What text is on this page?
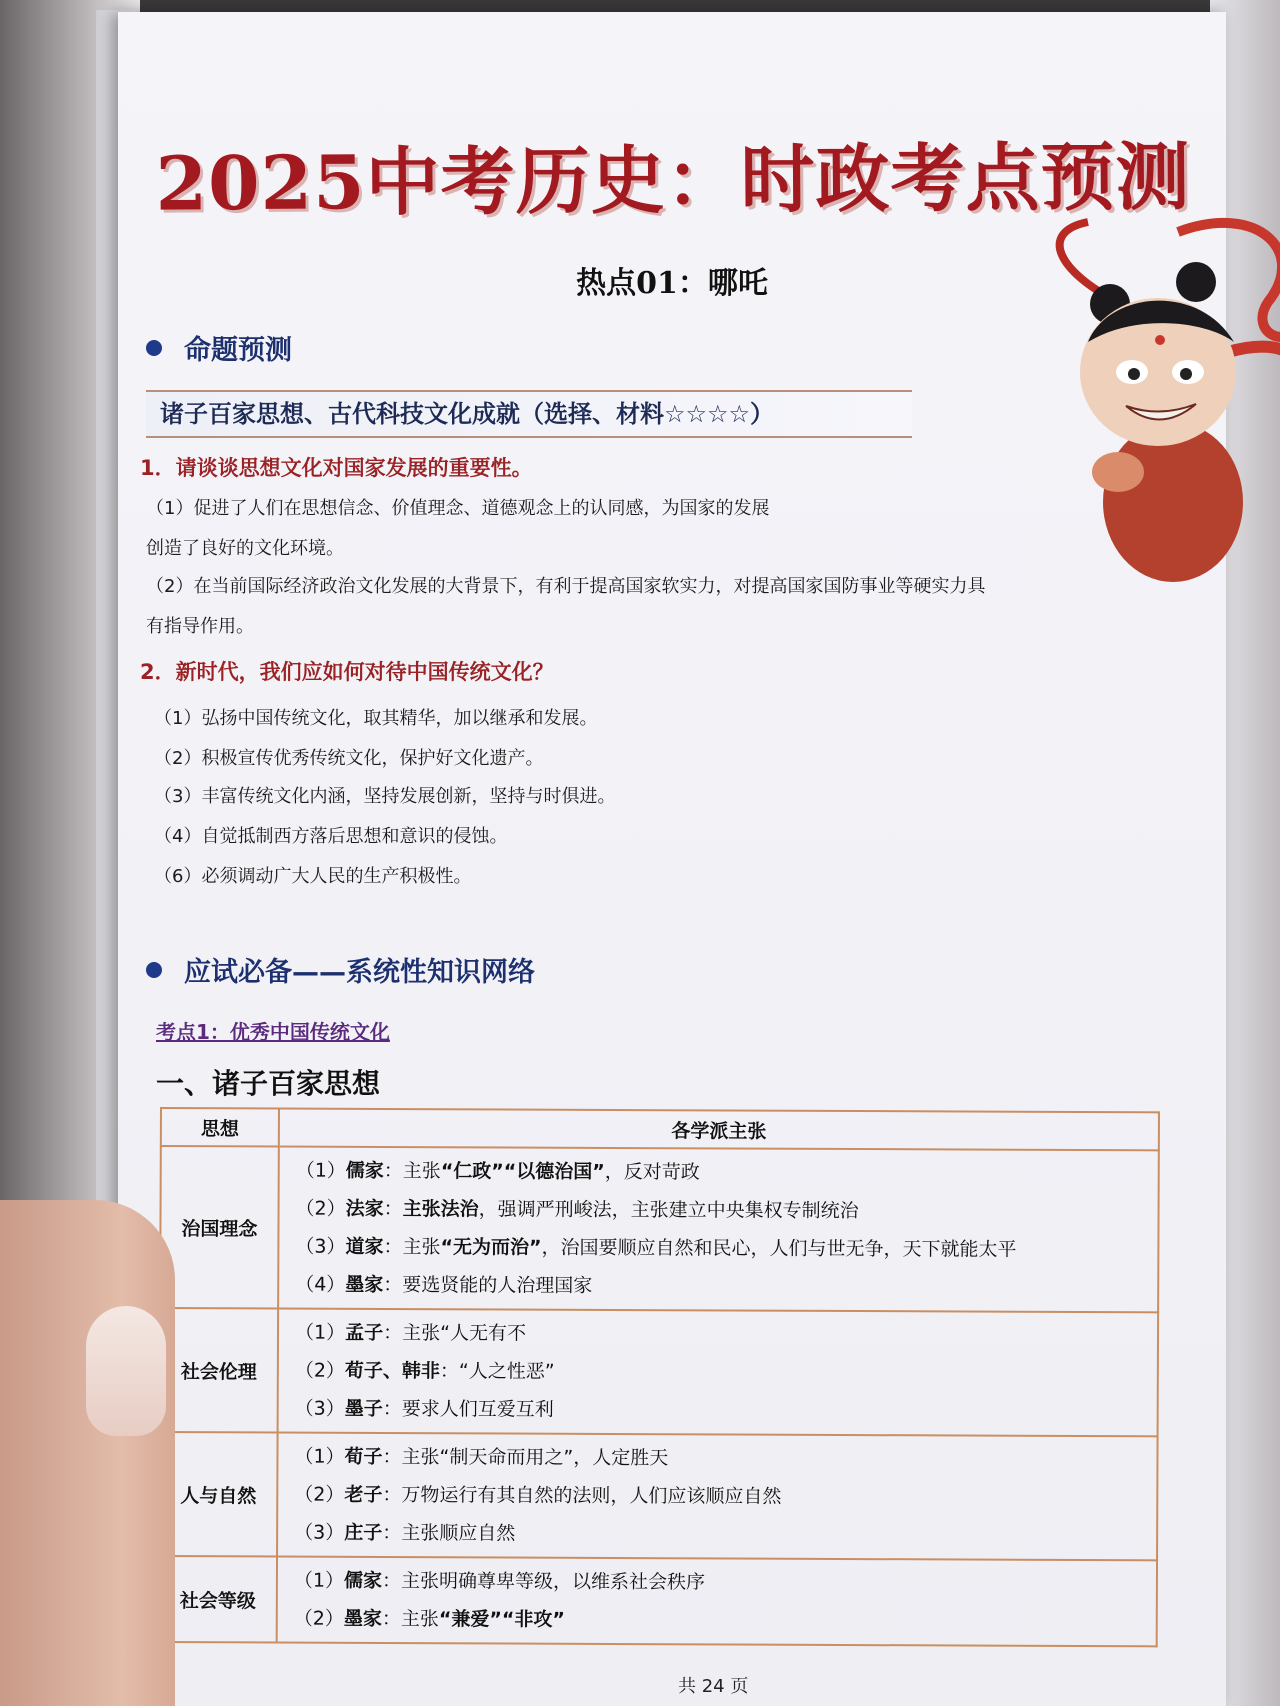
2025中考历史：时政考点预测
热点01：哪吒
命题预测
诸子百家思想、古代科技文化成就（选择、材料☆☆☆☆）
1．请谈谈思想文化对国家发展的重要性。
（1）促进了人们在思想信念、价值理念、道德观念上的认同感，为国家的发展
创造了良好的文化环境。
（2）在当前国际经济政治文化发展的大背景下，有利于提高国家软实力，对提高国家国防事业等硬实力具
有指导作用。
2．新时代，我们应如何对待中国传统文化？
（1）弘扬中国传统文化，取其精华，加以继承和发展。
（2）积极宣传优秀传统文化，保护好文化遗产。
（3）丰富传统文化内涵，坚持发展创新，坚持与时俱进。
（4）自觉抵制西方落后思想和意识的侵蚀。
（6）必须调动广大人民的生产积极性。
应试必备——系统性知识网络
考点1：优秀中国传统文化
一、诸子百家思想
思想	各学派主张
治国理念	（1）儒家：主张“仁政”“以德治国”，反对苛政
（2）法家：主张法治，强调严刑峻法，主张建立中央集权专制统治
（3）道家：主张“无为而治”，治国要顺应自然和民心，人们与世无争，天下就能太平
（4）墨家：要选贤能的人治理国家

社会伦理	（1）孟子：主张“人无有不
（2）荀子、韩非：“人之性恶”
（3）墨子：要求人们互爱互利

人与自然	（1）荀子：主张“制天命而用之”，人定胜天
（2）老子：万物运行有其自然的法则，人们应该顺应自然
（3）庄子：主张顺应自然

社会等级	（1）儒家：主张明确尊卑等级，以维系社会秩序
（2）墨家：主张“兼爱”“非攻”
共 24 页
